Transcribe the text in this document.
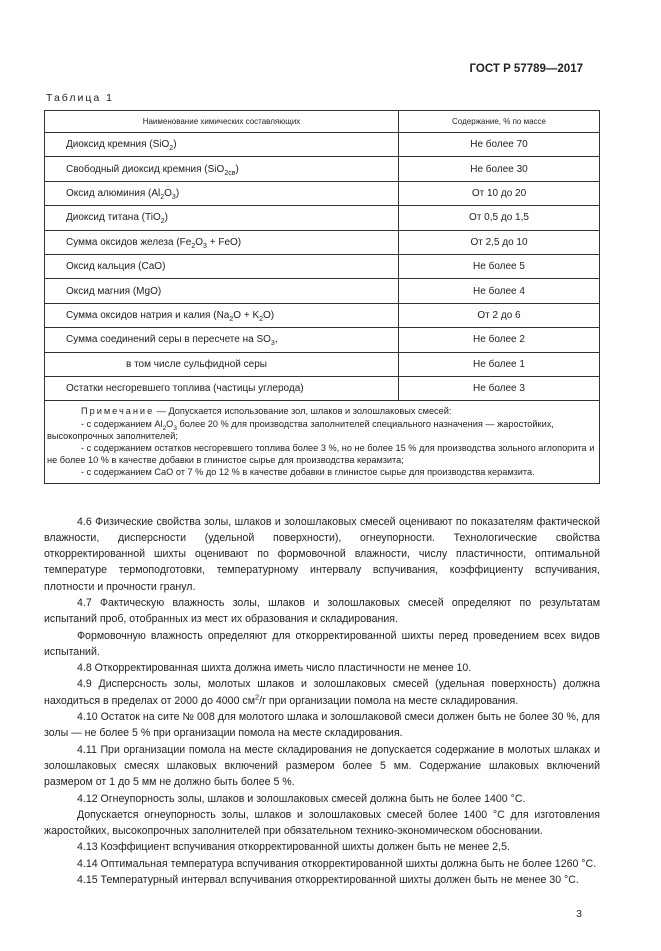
ГОСТ Р 57789—2017
Таблица 1
Наименование химических составляющих	Содержание, % по массе
Диоксид кремния (SiO$_2$)	Не более 70
Свободный диоксид кремния (SiO$_{2св}$)	Не более 30
Оксид алюминия $(Al_2O_3)$	От 10 до 20
Диоксид титана (TiO$_2$)	От 0,5 до 1,5
Сумма оксидов железа $(Fe_2O_3 + FeO)$	От 2,5 до 10
Оксид кальция (CaO)	Не более 5
Оксид магния (MgO)	Не более 4
Сумма оксидов натрия и калия $(Na_2O + K_2O)$	От 2 до 6
Сумма соединений серы в пересчете на $SO_3$,	Не более 2
в том числе сульфидной серы	Не более 1
Остатки несгоревшего топлива (частицы углерода)	Не более 3

Примечание — Допускается использование зол, шлаков и золошлаковых смесей:
- с содержанием $Al_2O_3$ более 20 % для производства заполнителей специального назначения — жаростойких, высокопрочных заполнителей;
- с содержанием остатков несгоревшего топлива более 3 %, но не более 15 % для производства зольного аглопорита и не более 10 % в качестве добавки в глинистое сырье для производства керамзита;
- с содержанием CaO от 7 % до 12 % в качестве добавки в глинистое сырье для производства керамзита.	

4.6 Физические свойства золы, шлаков и золошлаковых смесей оценивают по показателям фактической влажности, дисперсности (удельной поверхности), огнеупорности. Технологические свойства откорректированной шихты оценивают по формовочной влажности, числу пластичности, оптимальной температуре термоподготовки, температурному интервалу вспучивания, коэффициенту вспучивания, плотности и прочности гранул.

4.7 Фактическую влажность золы, шлаков и золошлаковых смесей определяют по результатам испытаний проб, отобранных из мест их образования и складирования.

Формовочную влажность определяют для откорректированной шихты перед проведением всех видов испытаний.

4.8 Откорректированная шихта должна иметь число пластичности не менее 10.

4.9 Дисперсность золы, молотых шлаков и золошлаковых смесей (удельная поверхность) должна находиться в пределах от 2000 до 4000 $см^2/г$ при организации помола на месте складирования.

4.10 Остаток на сите № 008 для молотого шлака и золошлаковой смеси должен быть не более 30 %, для золы — не более 5 % при организации помола на месте складирования.

4.11 При организации помола на месте складирования не допускается содержание в молотых шлаках и золошлаковых смесях шлаковых включений размером более 5 мм. Содержание шлаковых включений размером от 1 до 5 мм не должно быть более 5 %.

4.12 Огнеупорность золы, шлаков и золошлаковых смесей должна быть не более 1400 °C.

Допускается огнеупорность золы, шлаков и золошлаковых смесей более 1400 °C для изготовления жаростойких, высокопрочных заполнителей при обязательном технико-экономическом обосновании.

4.13 Коэффициент вспучивания откорректированной шихты должен быть не менее 2,5.

4.14 Оптимальная температура вспучивания откорректированной шихты должна быть не более 1260 °C.

4.15 Температурный интервал вспучивания откорректированной шихты должен быть не менее 30 °C.

3
